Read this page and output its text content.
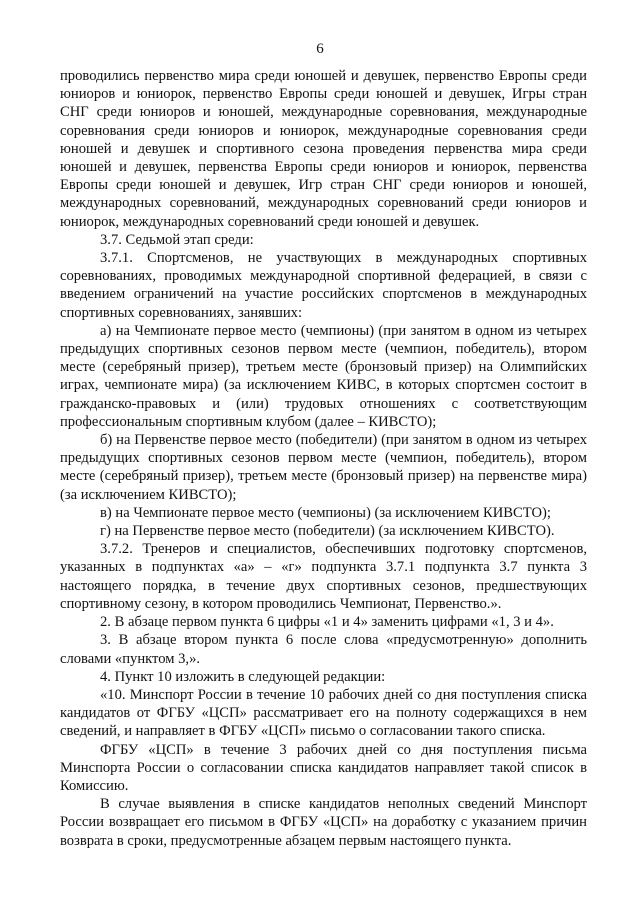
6

проводились первенство мира среди юношей и девушек, первенство Европы среди юниоров и юниорок, первенство Европы среди юношей и девушек, Игры стран СНГ среди юниоров и юношей, международные соревнования, международные соревнования среди юниоров и юниорок, международные соревнования среди юношей и девушек и спортивного сезона проведения первенства мира среди юношей и девушек, первенства Европы среди юниоров и юниорок, первенства Европы среди юношей и девушек, Игр стран СНГ среди юниоров и юношей, международных соревнований, международных соревнований среди юниоров и юниорок, международных соревнований среди юношей и девушек.

3.7. Седьмой этап среди:

3.7.1. Спортсменов, не участвующих в международных спортивных соревнованиях, проводимых международной спортивной федерацией, в связи с введением ограничений на участие российских спортсменов в международных спортивных соревнованиях, занявших:

а) на Чемпионате первое место (чемпионы) (при занятом в одном из четырех предыдущих спортивных сезонов первом месте (чемпион, победитель), втором месте (серебряный призер), третьем месте (бронзовый призер) на Олимпийских играх, чемпионате мира) (за исключением КИВС, в которых спортсмен состоит в гражданско-правовых и (или) трудовых отношениях с соответствующим профессиональным спортивным клубом (далее – КИВСТО);

б) на Первенстве первое место (победители) (при занятом в одном из четырех предыдущих спортивных сезонов первом месте (чемпион, победитель), втором месте (серебряный призер), третьем месте (бронзовый призер) на первенстве мира) (за исключением КИВСТО);

в) на Чемпионате первое место (чемпионы) (за исключением КИВСТО);

г) на Первенстве первое место (победители) (за исключением КИВСТО).

3.7.2. Тренеров и специалистов, обеспечивших подготовку спортсменов, указанных в подпунктах «а» – «г» подпункта 3.7.1 подпункта 3.7 пункта 3 настоящего порядка, в течение двух спортивных сезонов, предшествующих спортивному сезону, в котором проводились Чемпионат, Первенство.».

2. В абзаце первом пункта 6 цифры «1 и 4» заменить цифрами «1, 3 и 4».

3. В абзаце втором пункта 6 после слова «предусмотренную» дополнить словами «пунктом 3,».

4. Пункт 10 изложить в следующей редакции:

«10. Минспорт России в течение 10 рабочих дней со дня поступления списка кандидатов от ФГБУ «ЦСП» рассматривает его на полноту содержащихся в нем сведений, и направляет в ФГБУ «ЦСП» письмо о согласовании такого списка.

ФГБУ «ЦСП» в течение 3 рабочих дней со дня поступления письма Минспорта России о согласовании списка кандидатов направляет такой список в Комиссию.

В случае выявления в списке кандидатов неполных сведений Минспорт России возвращает его письмом в ФГБУ «ЦСП» на доработку с указанием причин возврата в сроки, предусмотренные абзацем первым настоящего пункта.
